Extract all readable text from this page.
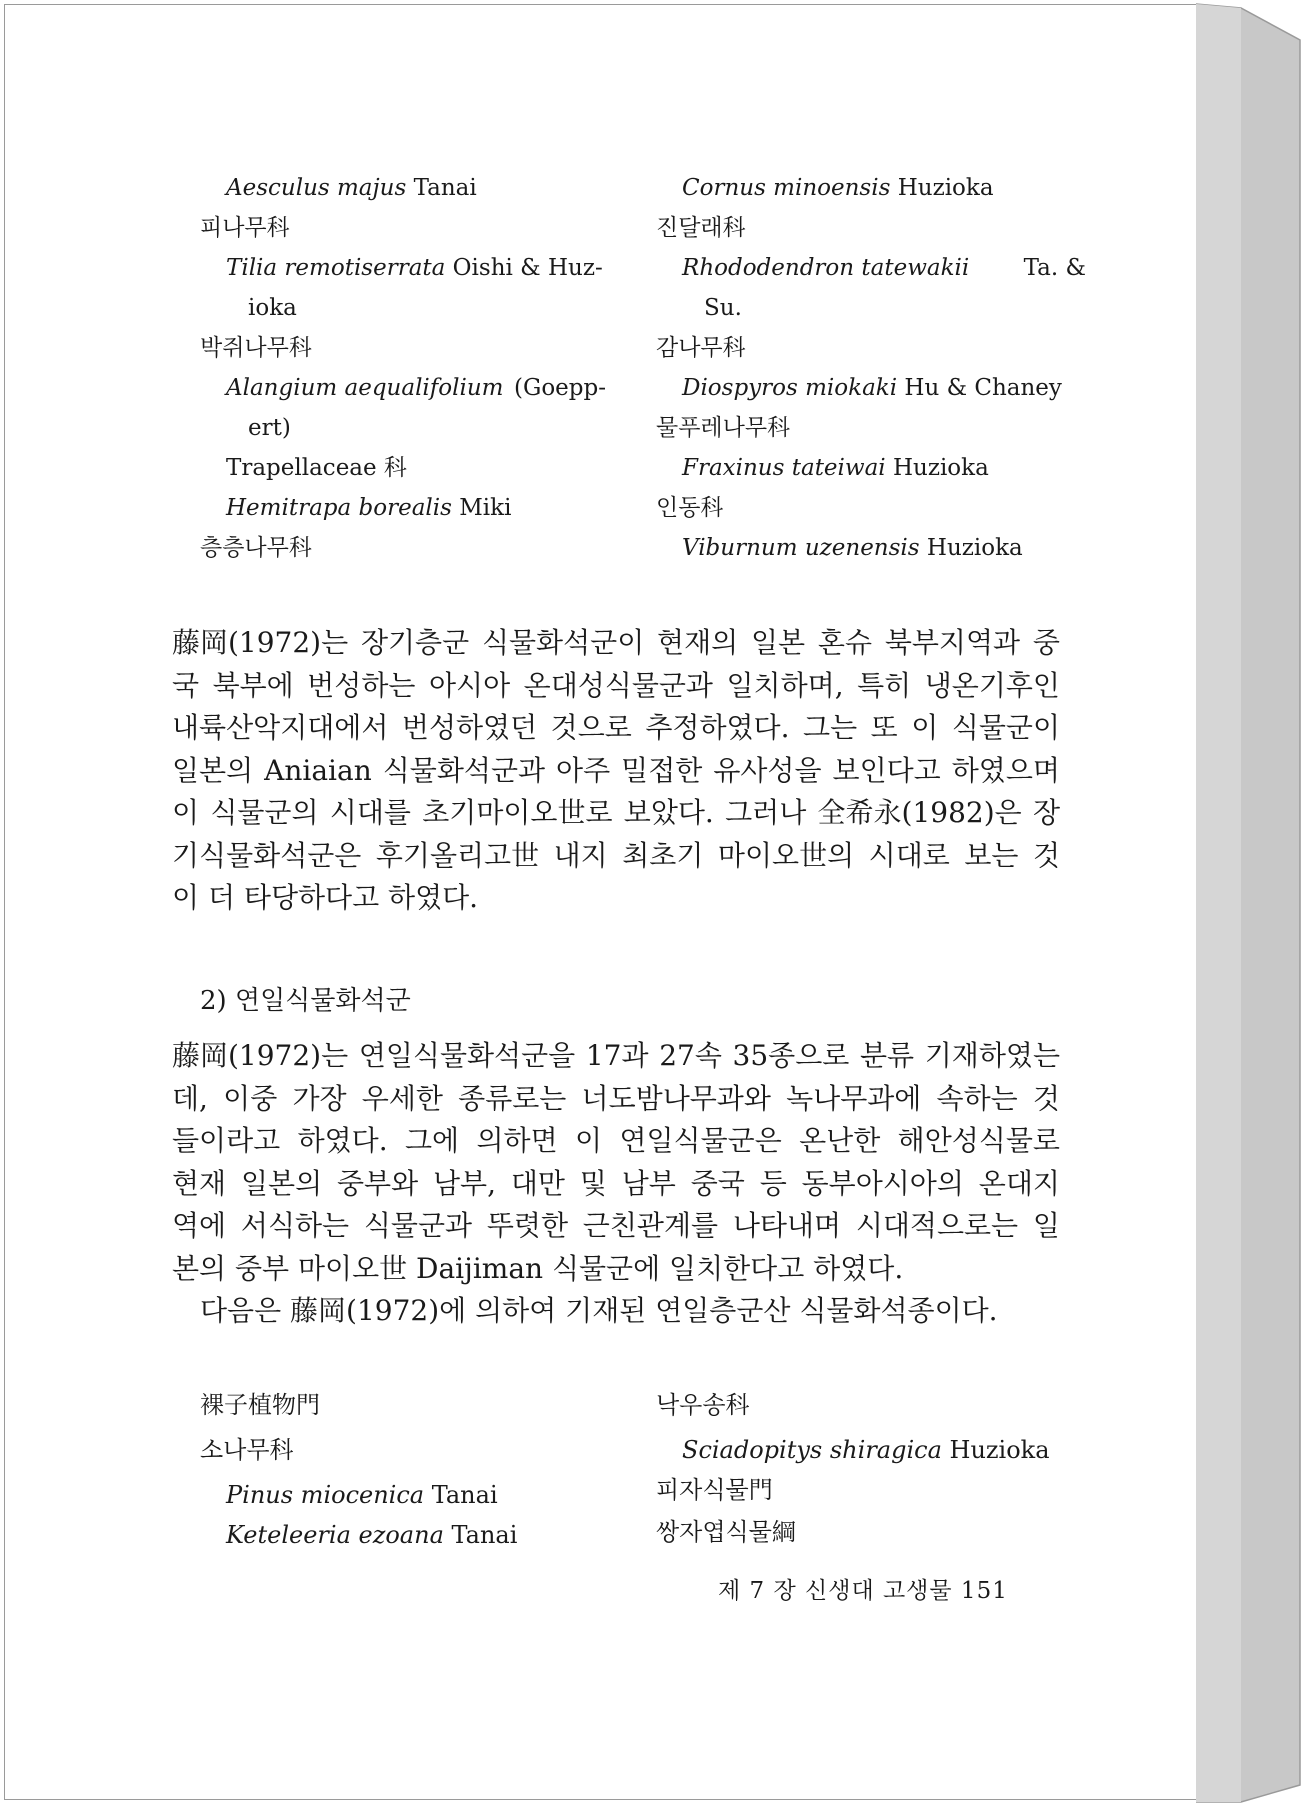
Aesculus majus Tanai
피나무科
Tilia remotiserrata Oishi & Huz-
ioka
박쥐나무科
Alangium aequalifolium (Goepp-
ert)
Trapellaceae 科
Hemitrapa borealis Miki
층층나무科
Cornus minoensis Huzioka
진달래科
Rhododendron tatewakii Ta. &
Su.
감나무科
Diospyros miokaki Hu & Chaney
물푸레나무科
Fraxinus tateiwai Huzioka
인동科
Viburnum uzenensis Huzioka
藤岡(1972)는 장기층군 식물화석군이 현재의 일본 혼슈 북부지역과 중
국 북부에 번성하는 아시아 온대성식물군과 일치하며, 특히 냉온기후인
내륙산악지대에서 번성하였던 것으로 추정하였다. 그는 또 이 식물군이
일본의 Aniaian 식물화석군과 아주 밀접한 유사성을 보인다고 하였으며
이 식물군의 시대를 초기마이오世로 보았다. 그러나 全希永(1982)은 장
기식물화석군은 후기올리고世 내지 최초기 마이오世의 시대로 보는 것
이 더 타당하다고 하였다.
2) 연일식물화석군
藤岡(1972)는 연일식물화석군을 17과 27속 35종으로 분류 기재하였는
데, 이중 가장 우세한 종류로는 너도밤나무과와 녹나무과에 속하는 것
들이라고 하였다. 그에 의하면 이 연일식물군은 온난한 해안성식물로
현재 일본의 중부와 남부, 대만 및 남부 중국 등 동부아시아의 온대지
역에 서식하는 식물군과 뚜렷한 근친관계를 나타내며 시대적으로는 일
본의 중부 마이오世 Daijiman 식물군에 일치한다고 하였다.
다음은 藤岡(1972)에 의하여 기재된 연일층군산 식물화석종이다.
裸子植物門
소나무科
Pinus miocenica Tanai
Keteleeria ezoana Tanai
낙우송科
Sciadopitys shiragica Huzioka
피자식물門
쌍자엽식물綱
제 7 장 신생대 고생물 151
